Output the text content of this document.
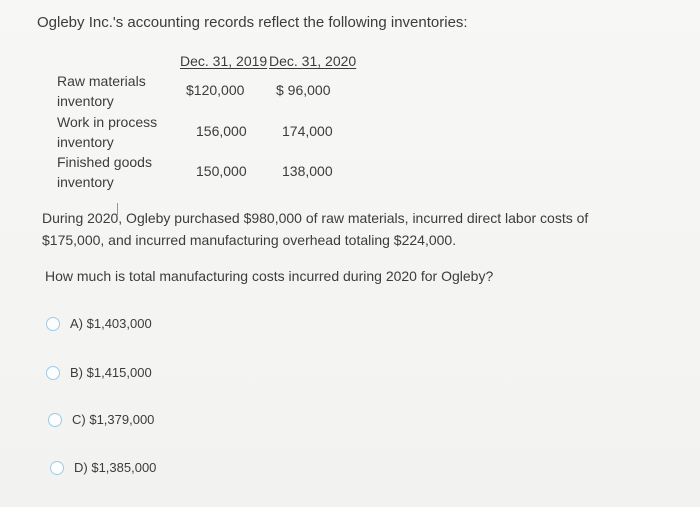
Ogleby Inc.'s accounting records reflect the following inventories:
Dec. 31, 2019 Dec. 31, 2020
Raw materials inventory
$120,000 $ 96,000
Work in process inventory
156,000	174,000
Finished goods inventory
150,000	138,000
During 2020, Ogleby purchased $980,000 of raw materials, incurred direct labor costs of $175,000, and incurred manufacturing overhead totaling $224,000.
How much is total manufacturing costs incurred during 2020 for Ogleby?
A) $1,403,000
B) $1,415,000
C) $1,379,000
D) $1,385,000
